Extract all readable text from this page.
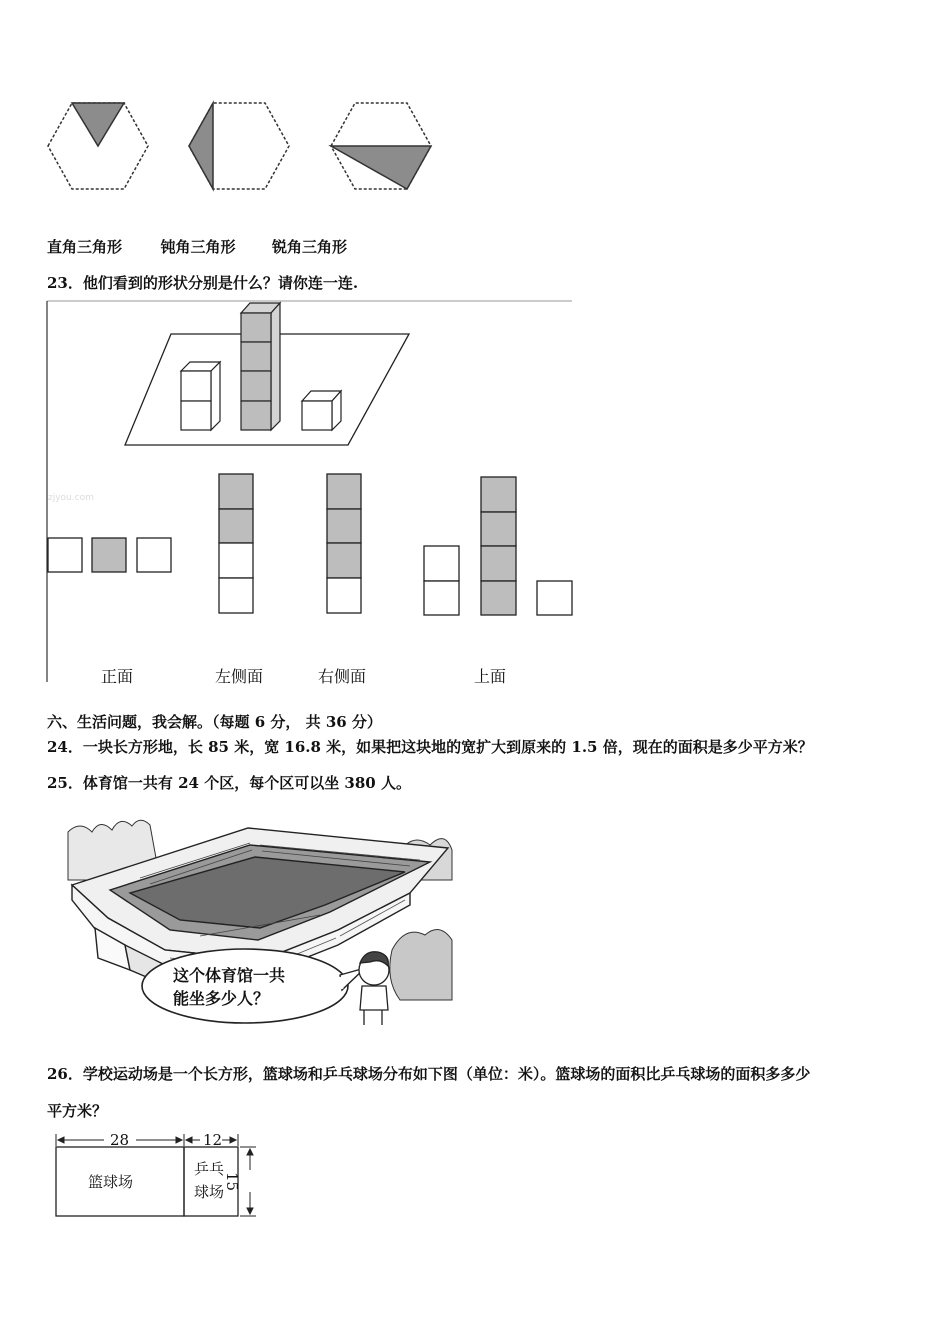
直角三角形	钝角三角形 锐角三角形
23．他们看到的形状分别是什么？请你连一连.
zjyou.com
正面	左侧面	右侧面	上面
六、生活问题，我会解。（每题 6 分， 共 36 分）
24．一块长方形地，长 85 米，宽 16.8 米，如果把这块地的宽扩大到原来的 1.5 倍，现在的面积是多少平方米？
25．体育馆一共有 24 个区，每个区可以坐 380 人。
这个体育馆一共
能坐多少人？
26．学校运动场是一个长方形，篮球场和乒乓球场分布如下图（单位：米）。篮球场的面积比乒乓球场的面积多多少
平方米？
28	12
15
篮球场
乒乓
球场
